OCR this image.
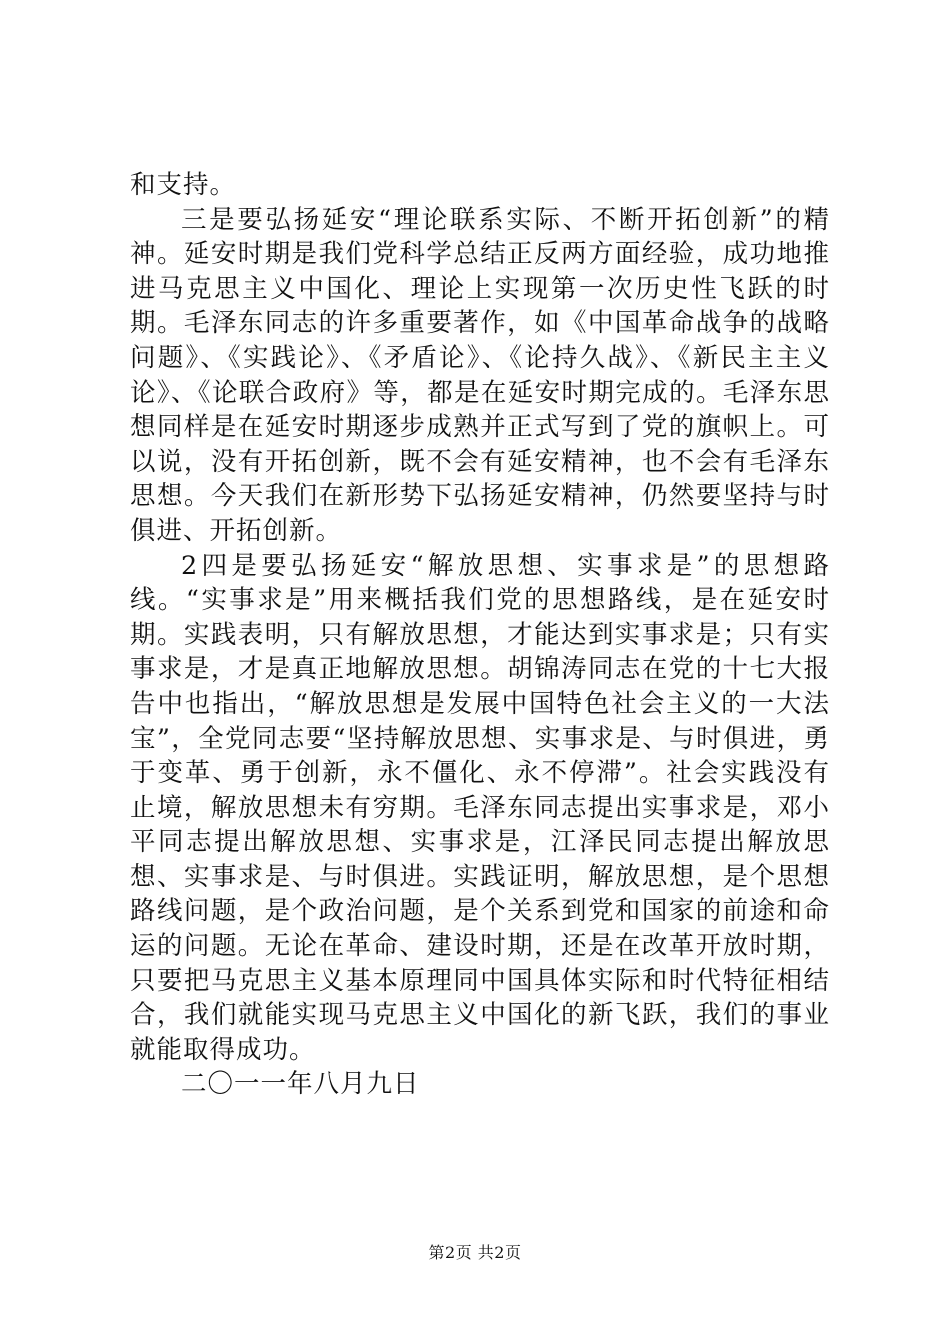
和支持。

三是要弘扬延安“理论联系实际、不断开拓创新”的精神。延安时期是我们党科学总结正反两方面经验，成功地推进马克思主义中国化、理论上实现第一次历史性飞跃的时期。毛泽东同志的许多重要著作，如《中国革命战争的战略问题》、《实践论》、《矛盾论》、《论持久战》、《新民主主义论》、《论联合政府》等，都是在延安时期完成的。毛泽东思想同样是在延安时期逐步成熟并正式写到了党的旗帜上。可以说，没有开拓创新，既不会有延安精神，也不会有毛泽东思想。今天我们在新形势下弘扬延安精神，仍然要坚持与时俱进、开拓创新。

2四是要弘扬延安“解放思想、实事求是”的思想路线。“实事求是”用来概括我们党的思想路线，是在延安时期。实践表明，只有解放思想，才能达到实事求是；只有实事求是，才是真正地解放思想。胡锦涛同志在党的十七大报告中也指出，“解放思想是发展中国特色社会主义的一大法宝”，全党同志要“坚持解放思想、实事求是、与时俱进，勇于变革、勇于创新，永不僵化、永不停滞”。社会实践没有止境，解放思想未有穷期。毛泽东同志提出实事求是，邓小平同志提出解放思想、实事求是，江泽民同志提出解放思想、实事求是、与时俱进。实践证明，解放思想，是个思想路线问题，是个政治问题，是个关系到党和国家的前途和命运的问题。无论在革命、建设时期，还是在改革开放时期，只要把马克思主义基本原理同中国具体实际和时代特征相结合，我们就能实现马克思主义中国化的新飞跃，我们的事业就能取得成功。

二〇一一年八月九日

第2页 共2页
